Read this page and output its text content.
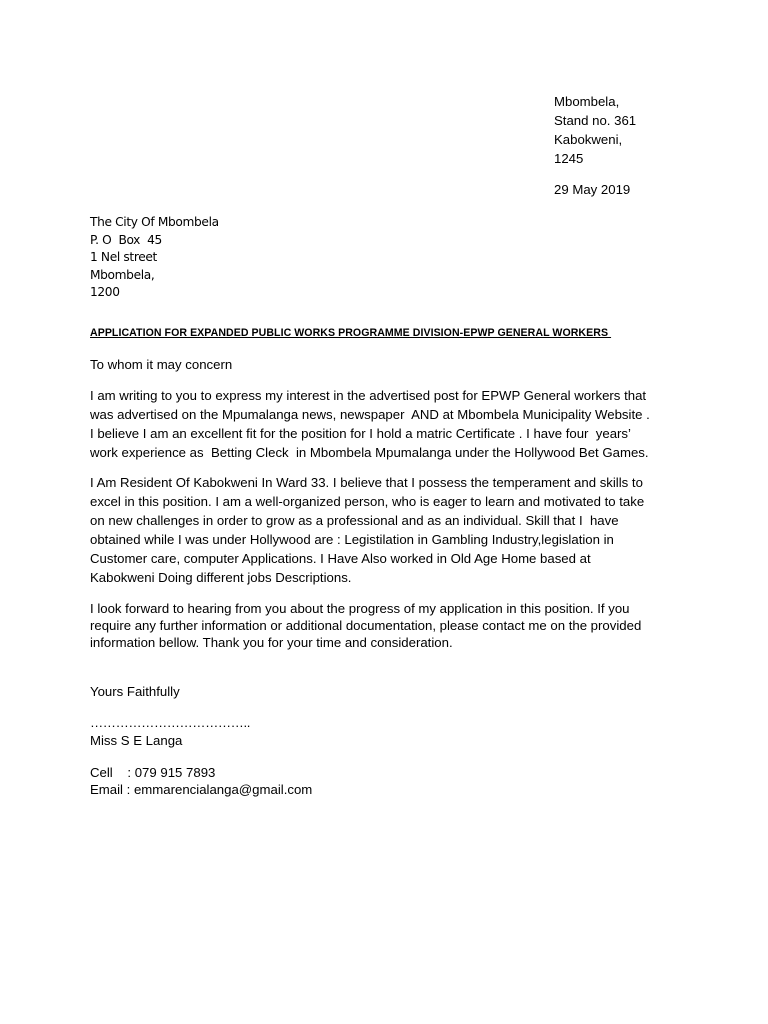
Mbombela,
Stand no. 361
Kabokweni,
1245
29 May 2019
The City Of Mbombela
P. O  Box  45
1 Nel street
Mbombela,
1200
APPLICATION FOR EXPANDED PUBLIC WORKS PROGRAMME DIVISION-EPWP GENERAL WORKERS
To whom it may concern
I am writing to you to express my interest in the advertised post for EPWP General workers that
was advertised on the Mpumalanga news, newspaper  AND at Mbombela Municipality Website .
I believe I am an excellent fit for the position for I hold a matric Certificate . I have four  years’
work experience as  Betting Cleck  in Mbombela Mpumalanga under the Hollywood Bet Games.
I Am Resident Of Kabokweni In Ward 33. I believe that I possess the temperament and skills to
excel in this position. I am a well-organized person, who is eager to learn and motivated to take
on new challenges in order to grow as a professional and as an individual. Skill that I  have
obtained while I was under Hollywood are : Legistilation in Gambling Industry,legislation in
Customer care, computer Applications. I Have Also worked in Old Age Home based at
Kabokweni Doing different jobs Descriptions.
I look forward to hearing from you about the progress of my application in this position. If you
require any further information or additional documentation, please contact me on the provided
information bellow. Thank you for your time and consideration.
Yours Faithfully
………………………………..
Miss S E Langa
Cell    : 079 915 7893
Email : emmarencialanga@gmail.com
